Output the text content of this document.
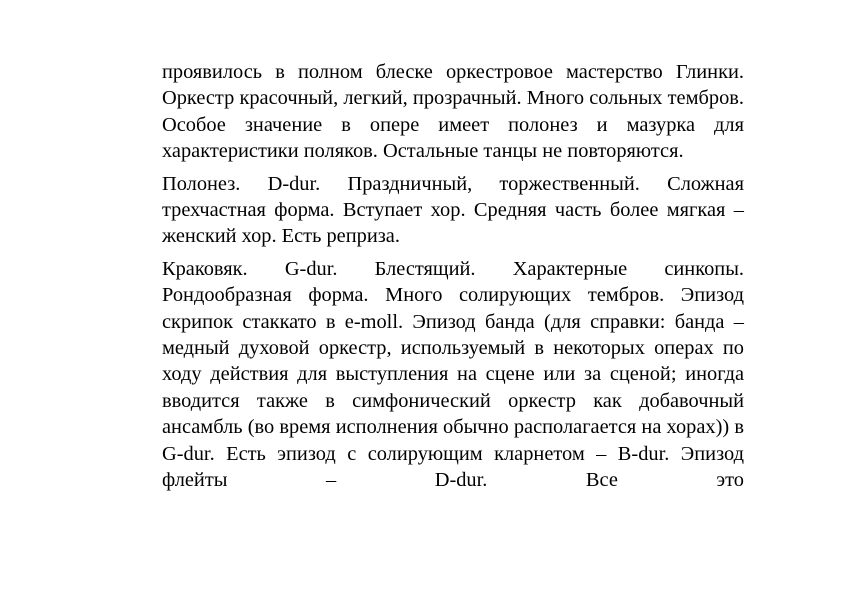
проявилось в полном блеске оркестровое мастерство Глинки. Оркестр красочный, легкий, прозрачный. Много сольных тембров. Особое значение в опере имеет полонез и мазурка для характеристики поляков. Остальные танцы не повторяются.

Полонез. D-dur. Праздничный, торжественный. Сложная трехчастная форма. Вступает хор. Средняя часть более мягкая – женский хор. Есть реприза.

Краковяк. G-dur. Блестящий. Характерные синкопы. Рондообразная форма. Много солирующих тембров. Эпизод скрипок стаккато в e-moll. Эпизод банда (для справки: банда – медный духовой оркестр, используемый в некоторых операх по ходу действия для выступления на сцене или за сценой; иногда вводится также в симфонический оркестр как добавочный ансамбль (во время исполнения обычно располагается на хорах)) в G-dur. Есть эпизод с солирующим кларнетом – B-dur. Эпизод флейты – D-dur. Все это
